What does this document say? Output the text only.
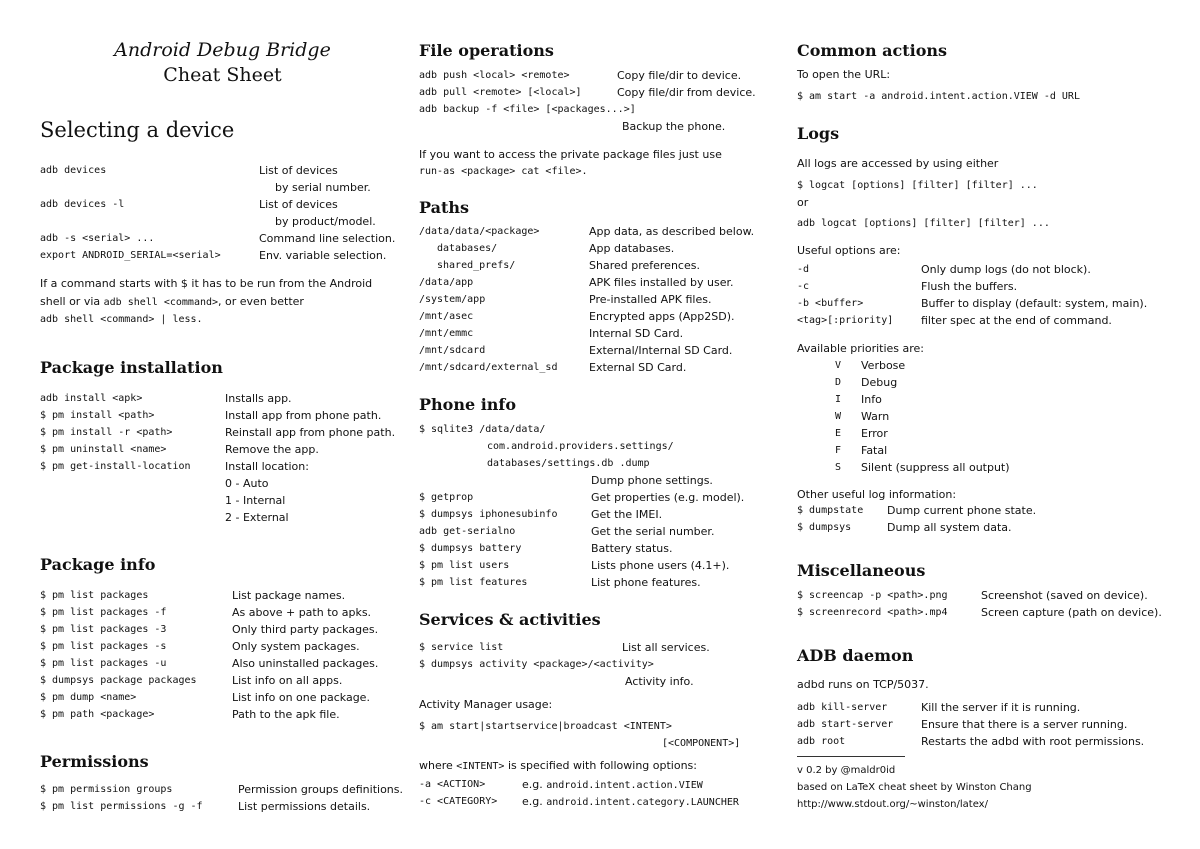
Android Debug Bridge
Cheat Sheet
Selecting a device
adb devices	List of devices
by serial number.
adb devices -l	List of devices
by product/model.
adb -s <serial> ...	Command line selection.
export ANDROID_SERIAL=<serial>	Env. variable selection.
If a command starts with $ it has to be run from the Android
shell or via adb shell <command>, or even better
adb shell <command> | less.
Package installation
adb install <apk>	Installs app.
$ pm install <path>	Install app from phone path.
$ pm install -r <path>	Reinstall app from phone path.
$ pm uninstall <name>	Remove the app.
$ pm get-install-location	Install location:
0 - Auto
1 - Internal
2 - External
Package info
$ pm list packages	List package names.
$ pm list packages -f	As above + path to apks.
$ pm list packages -3	Only third party packages.
$ pm list packages -s	Only system packages.
$ pm list packages -u	Also uninstalled packages.
$ dumpsys package packages	List info on all apps.
$ pm dump <name>	List info on one package.
$ pm path <package>	Path to the apk file.
Permissions
$ pm permission groups	Permission groups definitions.
$ pm list permissions -g -f	List permissions details.
File operations
adb push <local> <remote>	Copy file/dir to device.
adb pull <remote> [<local>]	Copy file/dir from device.
adb backup -f <file> [<packages...>]
Backup the phone.
If you want to access the private package files just use
run-as <package> cat <file>.
Paths
/data/data/<package>	App data, as described below.
databases/	App databases.
shared_prefs/	Shared preferences.
/data/app	APK files installed by user.
/system/app	Pre-installed APK files.
/mnt/asec	Encrypted apps (App2SD).
/mnt/emmc	Internal SD Card.
/mnt/sdcard	External/Internal SD Card.
/mnt/sdcard/external_sd	External SD Card.
Phone info
$ sqlite3 /data/data/
com.android.providers.settings/
databases/settings.db .dump
Dump phone settings.
$ getprop	Get properties (e.g. model).
$ dumpsys iphonesubinfo	Get the IMEI.
adb get-serialno	Get the serial number.
$ dumpsys battery	Battery status.
$ pm list users	Lists phone users (4.1+).
$ pm list features	List phone features.
Services & activities
$ service list	List all services.
$ dumpsys activity <package>/<activity>
Activity info.
Activity Manager usage:
$ am start|startservice|broadcast <INTENT>
[<COMPONENT>]
where <INTENT> is specified with following options:
-a <ACTION>	e.g. android.intent.action.VIEW
-c <CATEGORY> e.g. android.intent.category.LAUNCHER
Common actions
To open the URL:
$ am start -a android.intent.action.VIEW -d URL
Logs
All logs are accessed by using either
$ logcat [options] [filter] [filter] ...
or
adb logcat [options] [filter] [filter] ...
Useful options are:
-d	Only dump logs (do not block).
-c	Flush the buffers.
-b <buffer>	Buffer to display (default: system, main).
<tag>[:priority]	filter spec at the end of command.
Available priorities are:
V Verbose
D Debug
I Info
W Warn
E Error
F Fatal
S Silent (suppress all output)
Other useful log information:
$ dumpstate Dump current phone state.
$ dumpsys	Dump all system data.
Miscellaneous
$ screencap -p <path>.png	Screenshot (saved on device).
$ screenrecord <path>.mp4	Screen capture (path on device).
ADB daemon
adbd runs on TCP/5037.
adb kill-server	Kill the server if it is running.
adb start-server	Ensure that there is a server running.
adb root	Restarts the adbd with root permissions.
v 0.2 by @maldr0id
based on LaTeX cheat sheet by Winston Chang
http://www.stdout.org/~winston/latex/
